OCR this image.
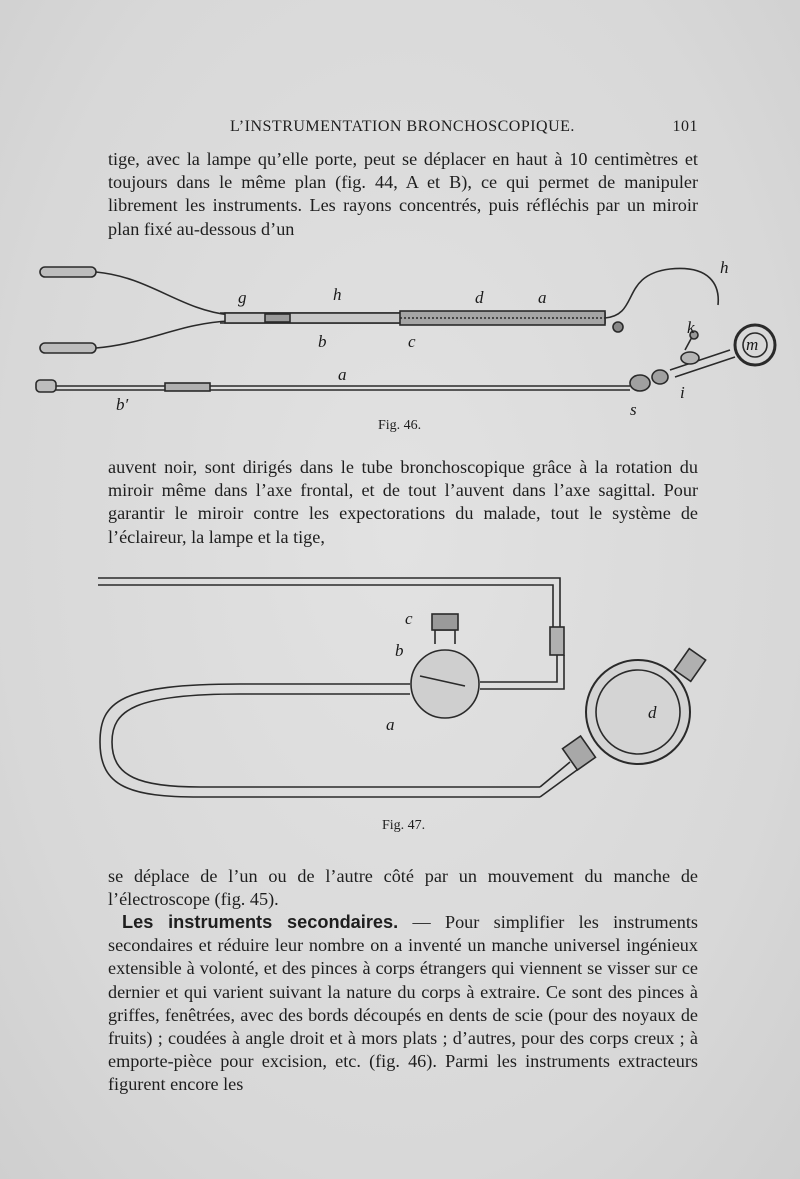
L’INSTRUMENTATION BRONCHOSCOPIQUE.	101

tige, avec la lampe qu’elle porte, peut se déplacer en haut à 10 centimètres et toujours dans le même plan (fig. 44, A et B), ce qui permet de manipuler librement les instruments. Les rayons concentrés, puis réfléchis par un miroir plan fixé au-dessous d’un

g	h	d	a
h
b	c
k
m
a
b′	s
i
Fig. 46.

auvent noir, sont dirigés dans le tube bronchoscopique grâce à la rotation du miroir même dans l’axe frontal, et de tout l’auvent dans l’axe sagittal. Pour garantir le miroir contre les expectorations du malade, tout le système de l’éclaireur, la lampe et la tige,

c
b
a
d
Fig. 47.

se déplace de l’un ou de l’autre côté par un mouvement du manche de l’électroscope (fig. 45).

Les instruments secondaires. — Pour simplifier les instruments secondaires et réduire leur nombre on a inventé un manche universel ingénieux extensible à volonté, et des pinces à corps étrangers qui viennent se visser sur ce dernier et qui varient suivant la nature du corps à extraire. Ce sont des pinces à griffes, fenêtrées, avec des bords découpés en dents de scie (pour des noyaux de fruits) ; coudées à angle droit et à mors plats ; d’autres, pour des corps creux ; à emporte-pièce pour excision, etc. (fig. 46). Parmi les instruments extracteurs figurent encore les
